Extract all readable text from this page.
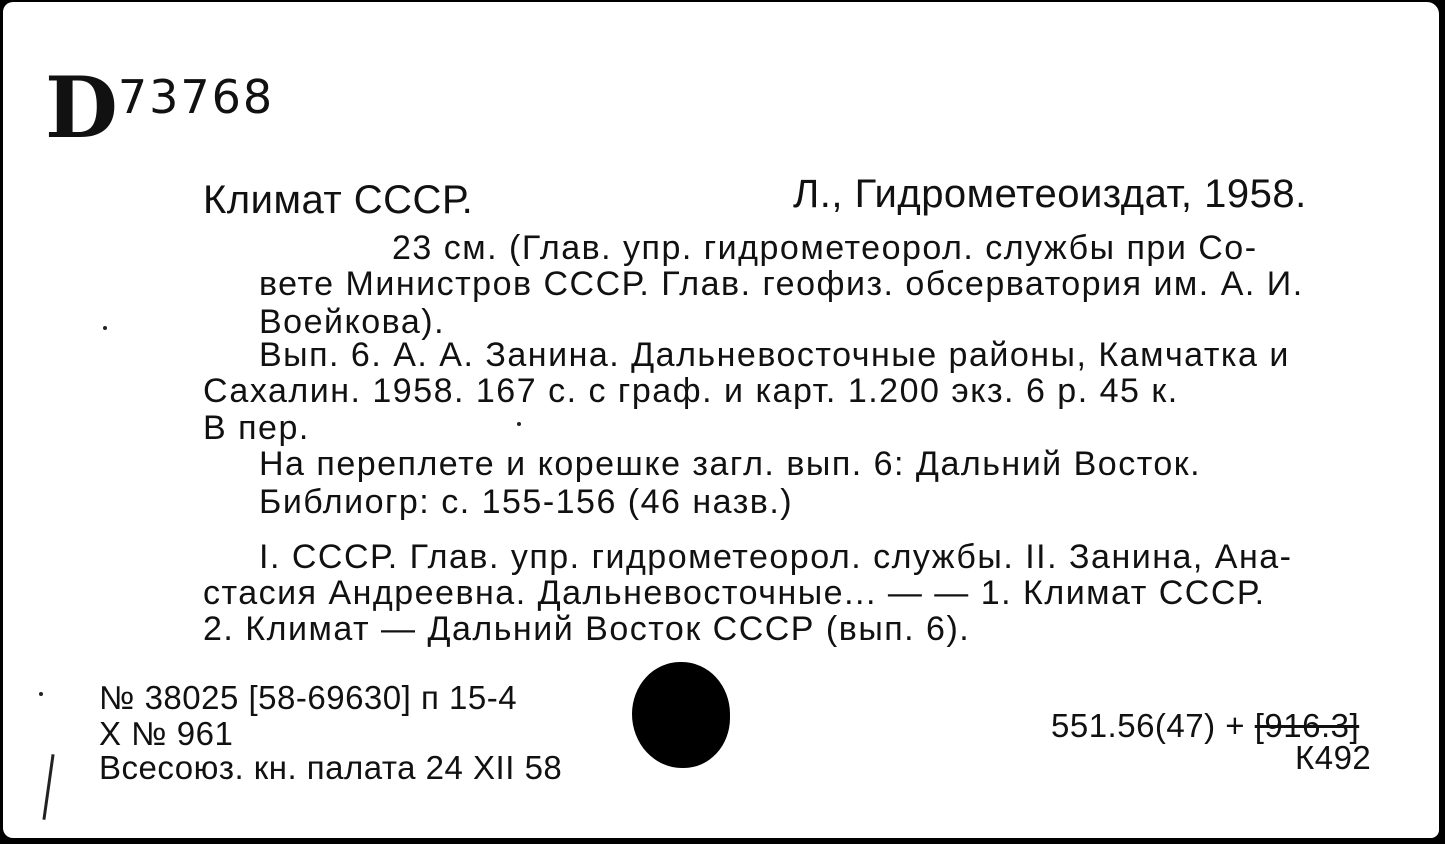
D 73768
Климат СССР.	Л., Гидрометеоиздат, 1958.
23 см. (Глав. упр. гидрометеорол. службы при Со-
вете Министров СССР. Глав. геофиз. обсерватория им. А. И.
Воейкова).
Вып. 6. А. А. Занина. Дальневосточные районы, Камчатка и
Сахалин. 1958. 167 с. с граф. и карт. 1.200 экз. 6 р. 45 к.
В пер.
На переплете и корешке загл. вып. 6: Дальний Восток.
Библиогр: с. 155-156 (46 назв.)
I. СССР. Глав. упр. гидрометеорол. службы. II. Занина, Ана-
стасия Андреевна. Дальневосточные... — — 1. Климат СССР.
2. Климат — Дальний Восток СССР (вып. 6).
№ 38025 [58-69630] п 15-4
Х № 961
Всесоюз. кн. палата 24 XII 58
551.56(47) + [916.3]
К492
